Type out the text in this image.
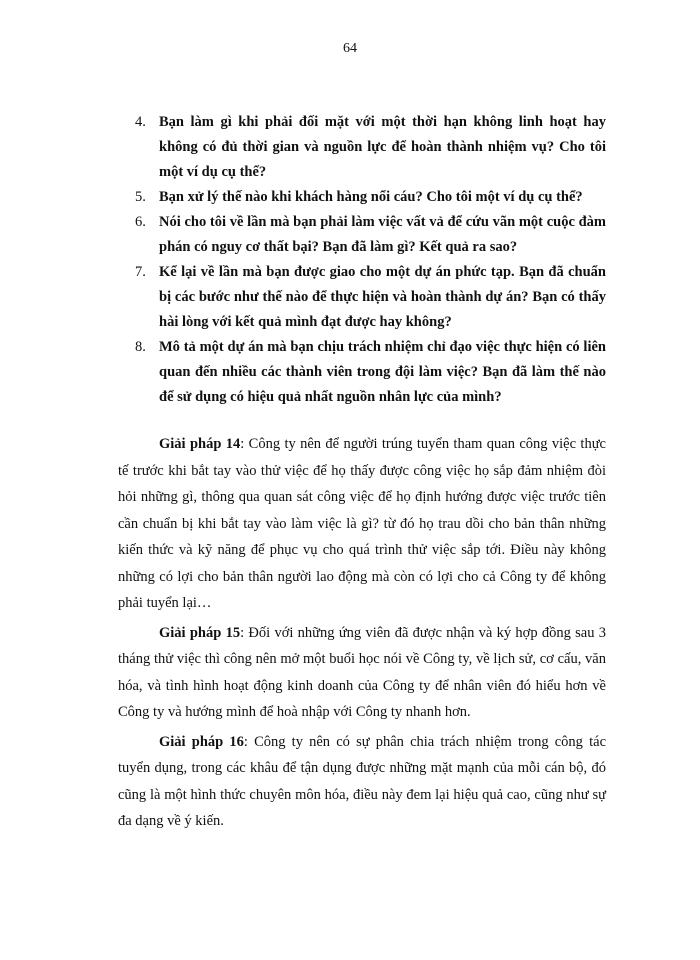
64
4. Bạn làm gì khi phải đối mặt với một thời hạn không linh hoạt hay không có đủ thời gian và nguồn lực để hoàn thành nhiệm vụ? Cho tôi một ví dụ cụ thể?
5. Bạn xử lý thế nào khi khách hàng nổi cáu? Cho tôi một ví dụ cụ thể?
6. Nói cho tôi về lần mà bạn phải làm việc vất vả để cứu vãn một cuộc đàm phán có nguy cơ thất bại? Bạn đã làm gì? Kết quả ra sao?
7. Kể lại về lần mà bạn được giao cho một dự án phức tạp. Bạn đã chuẩn bị các bước như thế nào để thực hiện và hoàn thành dự án? Bạn có thấy hài lòng với kết quả mình đạt được hay không?
8. Mô tả một dự án mà bạn chịu trách nhiệm chỉ đạo việc thực hiện có liên quan đến nhiều các thành viên trong đội làm việc? Bạn đã làm thế nào để sử dụng có hiệu quả nhất nguồn nhân lực của mình?

Giải pháp 14: Công ty nên để người trúng tuyển tham quan công việc thực tế trước khi bắt tay vào thử việc để họ thấy được công việc họ sắp đảm nhiệm đòi hỏi những gì, thông qua quan sát công việc để họ định hướng được việc trước tiên cần chuẩn bị khi bắt tay vào làm việc là gì? từ đó họ trau dồi cho bản thân những kiến thức và kỹ năng để phục vụ cho quá trình thử việc sắp tới. Điều này không những có lợi cho bản thân người lao động mà còn có lợi cho cả Công ty để không phải tuyển lại…

Giải pháp 15: Đối với những ứng viên đã được nhận và ký hợp đồng sau 3 tháng thử việc thì công nên mở một buổi học nói về Công ty, về lịch sử, cơ cấu, văn hóa, và tình hình hoạt động kinh doanh của Công ty để nhân viên đó hiểu hơn về Công ty và hướng mình để hoà nhập với Công ty nhanh hơn.

Giải pháp 16: Công ty nên có sự phân chia trách nhiệm trong công tác tuyển dụng, trong các khâu để tận dụng được những mặt mạnh của mỗi cán bộ, đó cũng là một hình thức chuyên môn hóa, điều này đem lại hiệu quả cao, cũng như sự đa dạng về ý kiến.
